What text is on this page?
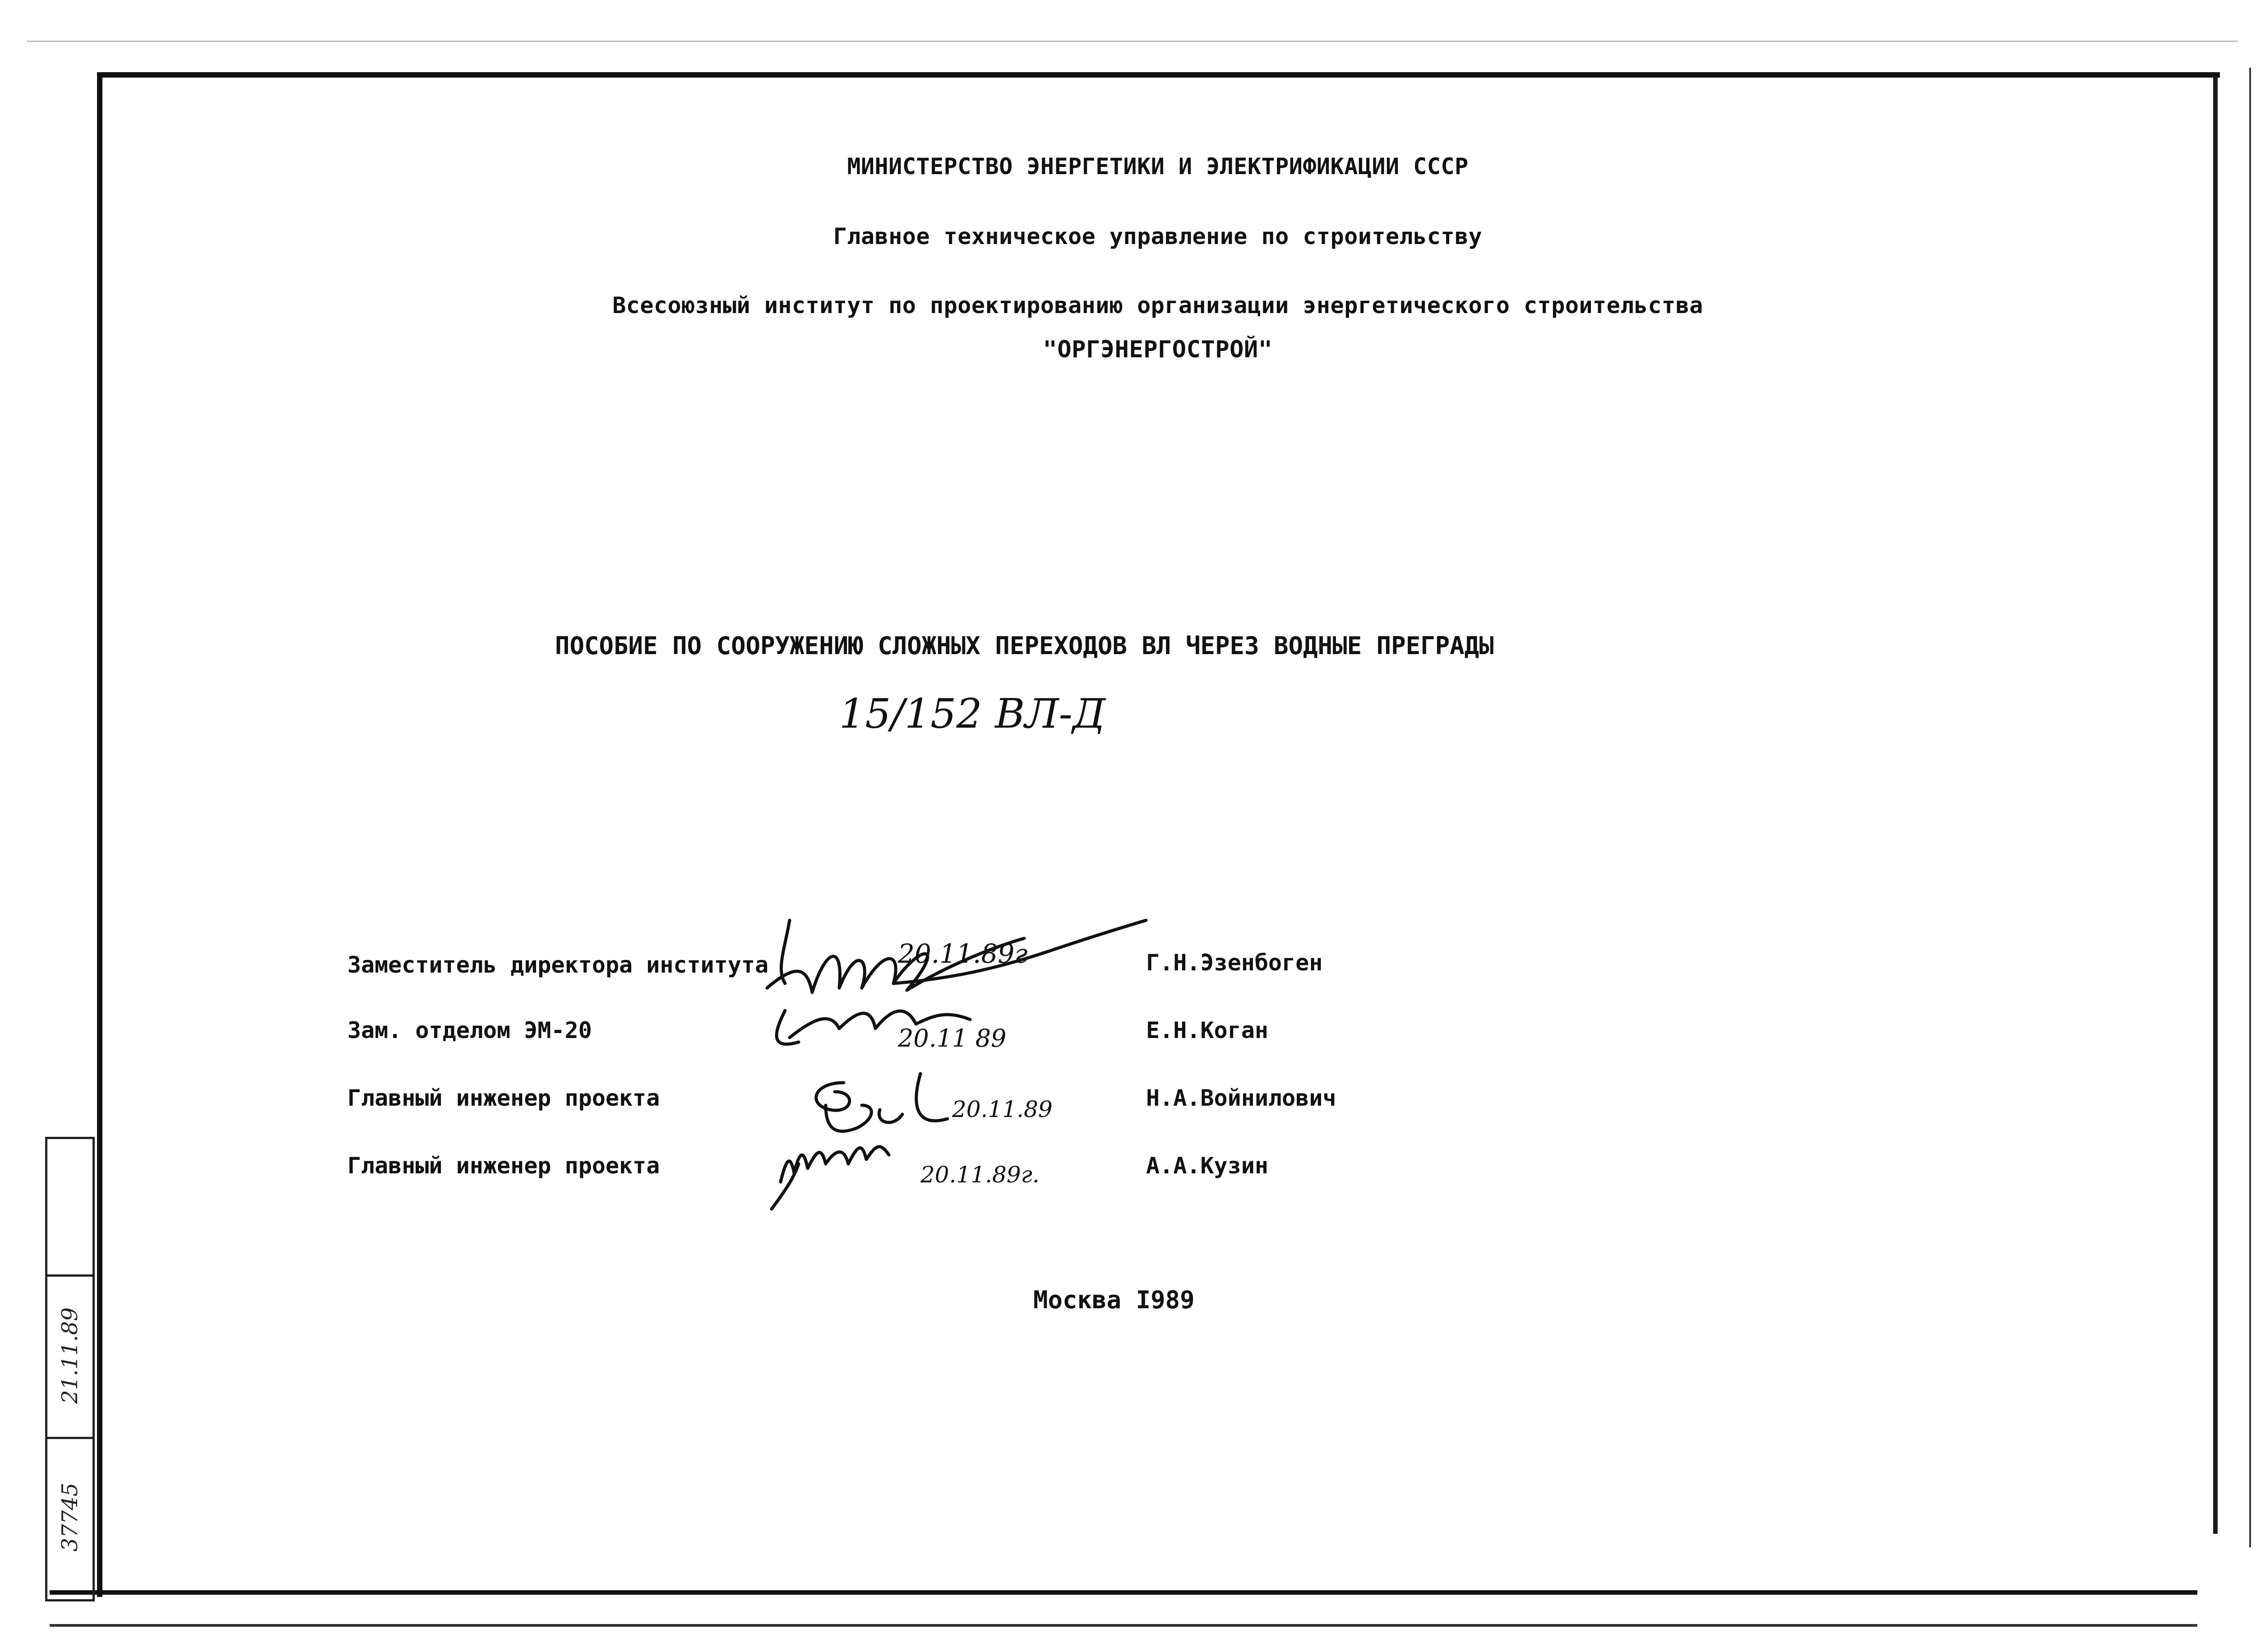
МИНИСТЕРСТВО ЭНЕРГЕТИКИ И ЭЛЕКТРИФИКАЦИИ СССР
Главное техническое управление по строительству
Всесоюзный институт по проектированию организации энергетического строительства
"ОРГЭНЕРГОСТРОЙ"
ПОСОБИЕ ПО СООРУЖЕНИЮ СЛОЖНЫХ ПЕРЕХОДОВ ВЛ ЧЕРЕЗ ВОДНЫЕ ПРЕГРАДЫ
15/152 ВЛ-Д
Заместитель директора института
Зам. отделом ЭМ-20
Главный инженер проекта
Главный инженер проекта
Г.Н.Эзенбоген
Е.Н.Коган
Н.А.Войнилович
А.А.Кузин
20.11.89г
20.11 89
20.11.89
20.11.89г.
Москва I989
21.11.89
37745
